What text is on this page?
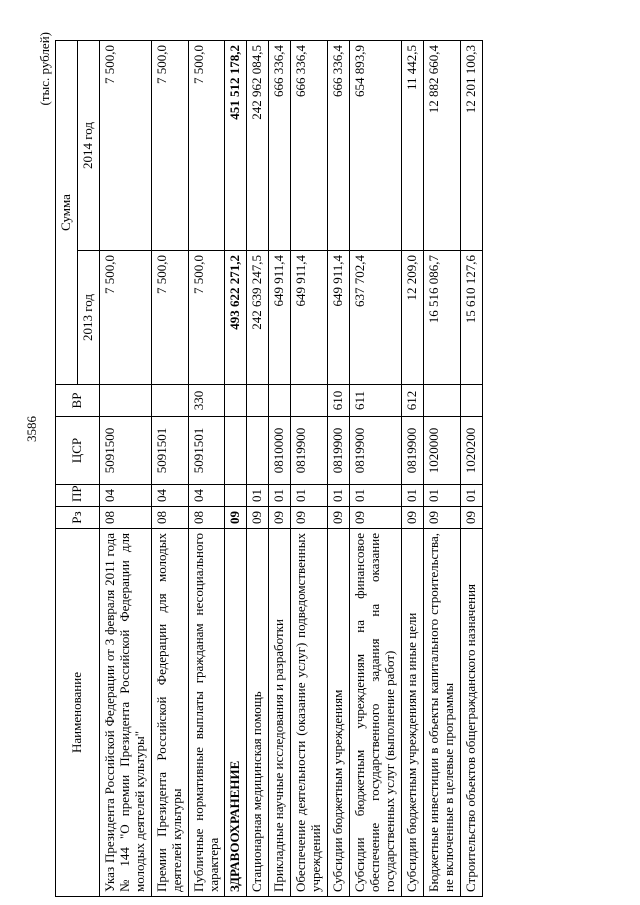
3586
(тыс. рублей)
Наименование	Рз	ПР	ЦСР	ВР	Сумма	
					2013 год	2014 год
Указ Президента Российской Федерации от 3 февраля 2011 года № 144 "О премии Президента Российской Федерации для молодых деятелей культуры"	08	04	5091500		7 500,0	7 500,0
Премии Президента Российской Федерации для молодых деятелей культуры	08	04	5091501		7 500,0	7 500,0
Публичные нормативные выплаты гражданам несоциального характера	08	04	5091501	330	7 500,0	7 500,0
ЗДРАВООХРАНЕНИЕ	09				493 622 271,2	451 512 178,2
Стационарная медицинская помощь	09	01			242 639 247,5	242 962 084,5
Прикладные научные исследования и разработки	09	01	0810000		649 911,4	666 336,4
Обеспечение деятельности (оказание услуг) подведомственных учреждений	09	01	0819900		649 911,4	666 336,4
Субсидии бюджетным учреждениям	09	01	0819900	610	649 911,4	666 336,4
Субсидии бюджетным учреждениям на финансовое обеспечение государственного задания на оказание государственных услуг (выполнение работ)	09	01	0819900	611	637 702,4	654 893,9
Субсидии бюджетным учреждениям на иные цели	09	01	0819900	612	12 209,0	11 442,5
Бюджетные инвестиции в объекты капитального строительства, не включенные в целевые программы	09	01	1020000		16 516 086,7	12 882 660,4
Строительство объектов общегражданского назначения	09	01	1020200		15 610 127,6	12 201 100,3
